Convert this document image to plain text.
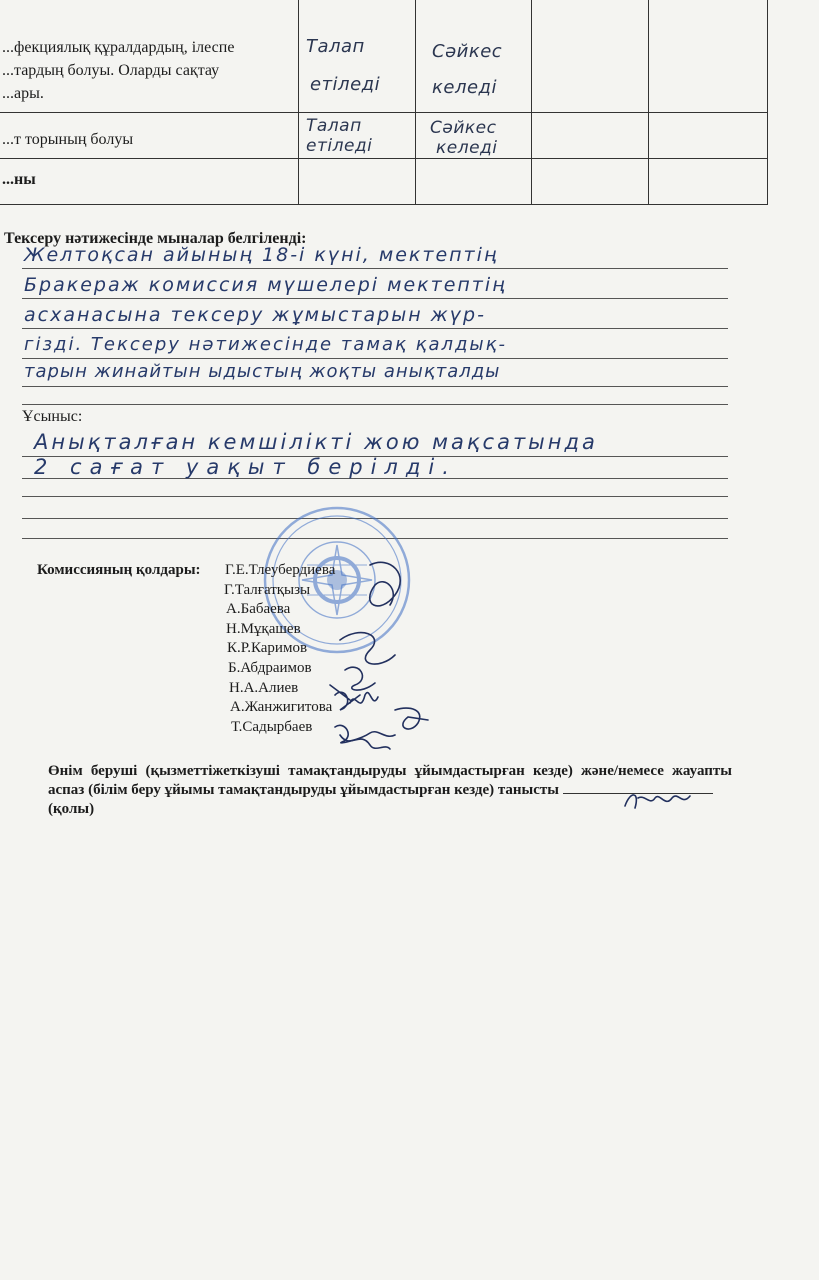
...фекциялық құралдардың, ілеспе
...тардың болуы. Оларды сақтау
...ары.
Талап
етіледі
Сәйкес
келеді
...т торының болуы
Талап
етіледі
Сәйкес
келеді
...ны
Тексеру нәтижесінде мыналар белгіленді:
Желтоқсан айының 18-і күні, мектептің
Бракераж комиссия мүшелері мектептің
асханасына тексеру жұмыстарын жүр-
гізді. Тексеру нәтижесінде тамақ қалдық-
тарын жинайтын ыдыстың жоқты анықталды
Ұсыныс:
Анықталған кемшілікті жою мақсатында
2 сағат уақыт берілді.
Комиссияның қолдары: Г.Е.Тлеубердиева
Г.Талғатқызы
А.Бабаева
Н.Мұқашев
К.Р.Каримов
Б.Абдраимов
Н.А.Алиев
А.Жанжигитова
Т.Садырбаев
Өнім беруші (қызметтіжеткізуші тамақтандыруды ұйымдастырған кезде) және/немесе жауапты аспаз (білім беру ұйымы тамақтандыруды ұйымдастырған кезде) танысты
(қолы)
